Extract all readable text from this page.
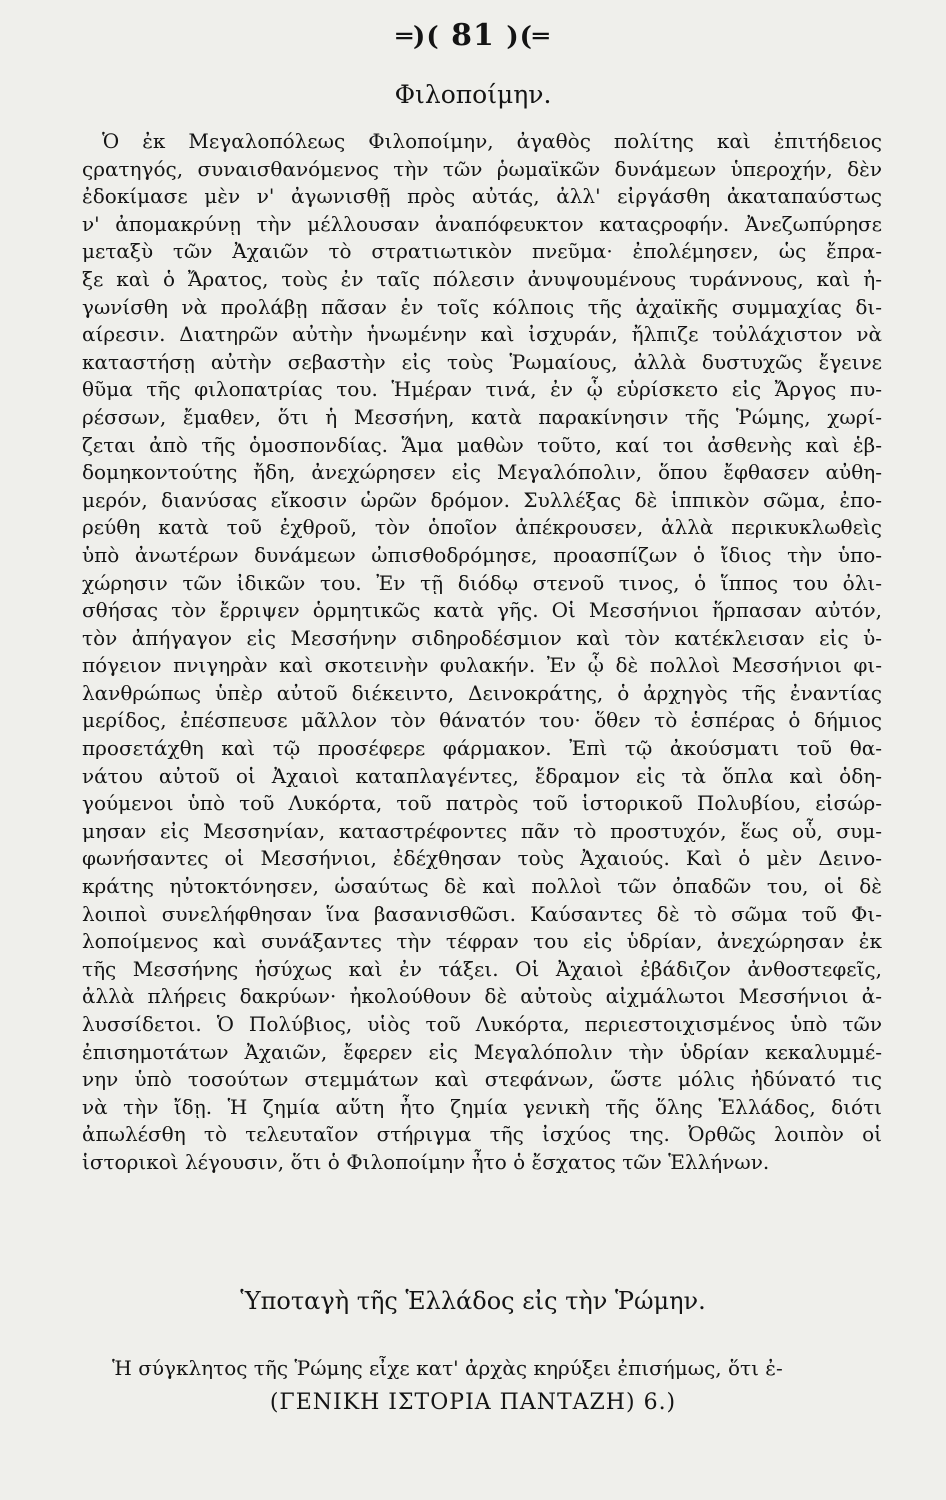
═)( 81 )(═
Φιλοποίμην.
Ὁ ἐκ Μεγαλοπόλεως Φιλοποίμην, ἀγαθὸς πολίτης καὶ ἐπιτήδειος
ςρατηγός, συναισθανόμενος τὴν τῶν ῥωμαϊκῶν δυνάμεων ὑπεροχήν, δὲν
ἐδοκίμασε μὲν ν' ἀγωνισθῇ πρὸς αὐτάς, ἀλλ' εἰργάσθη ἀκαταπαύστως
ν' ἀπομακρύνῃ τὴν μέλλουσαν ἀναπόφευκτον καταςροφήν. Ἀνεζωπύρησε
μεταξὺ τῶν Ἀχαιῶν τὸ στρατιωτικὸν πνεῦμα· ἐπολέμησεν, ὡς ἔπρα-
ξε καὶ ὁ Ἄρατος, τοὺς ἐν ταῖς πόλεσιν ἀνυψουμένους τυράννους, καὶ ἠ-
γωνίσθη νὰ προλάβῃ πᾶσαν ἐν τοῖς κόλποις τῆς ἀχαϊκῆς συμμαχίας δι-
αίρεσιν. Διατηρῶν αὐτὴν ἡνωμένην καὶ ἰσχυράν, ἤλπιζε τοὐλάχιστον νὰ
καταστήσῃ αὐτὴν σεβαστὴν εἰς τοὺς Ῥωμαίους, ἀλλὰ δυστυχῶς ἔγεινε
θῦμα τῆς φιλοπατρίας του. Ἡμέραν τινά, ἐν ᾧ εὑρίσκετο εἰς Ἄργος πυ-
ρέσσων, ἔμαθεν, ὅτι ἡ Μεσσήνη, κατὰ παρακίνησιν τῆς Ῥώμης, χωρί-
ζεται ἀπὸ τῆς ὁμοσπονδίας. Ἅμα μαθὼν τοῦτο, καί τοι ἀσθενὴς καὶ ἑβ-
δομηκοντούτης ἤδη, ἀνεχώρησεν εἰς Μεγαλόπολιν, ὅπου ἔφθασεν αὐθη-
μερόν, διανύσας εἴκοσιν ὡρῶν δρόμον. Συλλέξας δὲ ἱππικὸν σῶμα, ἐπο-
ρεύθη κατὰ τοῦ ἐχθροῦ, τὸν ὁποῖον ἀπέκρουσεν, ἀλλὰ περικυκλωθεὶς
ὑπὸ ἀνωτέρων δυνάμεων ὠπισθοδρόμησε, προασπίζων ὁ ἴδιος τὴν ὑπο-
χώρησιν τῶν ἰδικῶν του. Ἐν τῇ διόδῳ στενοῦ τινος, ὁ ἵππος του ὀλι-
σθήσας τὸν ἔρριψεν ὁρμητικῶς κατὰ γῆς. Οἱ Μεσσήνιοι ἥρπασαν αὐτόν,
τὸν ἀπήγαγον εἰς Μεσσήνην σιδηροδέσμιον καὶ τὸν κατέκλεισαν εἰς ὑ-
πόγειον πνιγηρὰν καὶ σκοτεινὴν φυλακήν. Ἐν ᾧ δὲ πολλοὶ Μεσσήνιοι φι-
λανθρώπως ὑπὲρ αὐτοῦ διέκειντο, Δεινοκράτης, ὁ ἀρχηγὸς τῆς ἐναντίας
μερίδος, ἐπέσπευσε μᾶλλον τὸν θάνατόν του· ὅθεν τὸ ἑσπέρας ὁ δήμιος
προσετάχθη καὶ τῷ προσέφερε φάρμακον. Ἐπὶ τῷ ἀκούσματι τοῦ θα-
νάτου αὐτοῦ οἱ Ἀχαιοὶ καταπλαγέντες, ἔδραμον εἰς τὰ ὅπλα καὶ ὁδη-
γούμενοι ὑπὸ τοῦ Λυκόρτα, τοῦ πατρὸς τοῦ ἱστορικοῦ Πολυβίου, εἰσώρ-
μησαν εἰς Μεσσηνίαν, καταστρέφοντες πᾶν τὸ προστυχόν, ἕως οὗ, συμ-
φωνήσαντες οἱ Μεσσήνιοι, ἐδέχθησαν τοὺς Ἀχαιούς. Καὶ ὁ μὲν Δεινο-
κράτης ηὐτοκτόνησεν, ὡσαύτως δὲ καὶ πολλοὶ τῶν ὀπαδῶν του, οἱ δὲ
λοιποὶ συνελήφθησαν ἵνα βασανισθῶσι. Καύσαντες δὲ τὸ σῶμα τοῦ Φι-
λοποίμενος καὶ συνάξαντες τὴν τέφραν του εἰς ὑδρίαν, ἀνεχώρησαν ἐκ
τῆς Μεσσήνης ἡσύχως καὶ ἐν τάξει. Οἱ Ἀχαιοὶ ἐβάδιζον ἀνθοστεφεῖς,
ἀλλὰ πλήρεις δακρύων· ἠκολούθουν δὲ αὐτοὺς αἰχμάλωτοι Μεσσήνιοι ἀ-
λυσσίδετοι. Ὁ Πολύβιος, υἱὸς τοῦ Λυκόρτα, περιεστοιχισμένος ὑπὸ τῶν
ἐπισημοτάτων Ἀχαιῶν, ἔφερεν εἰς Μεγαλόπολιν τὴν ὑδρίαν κεκαλυμμέ-
νην ὑπὸ τοσούτων στεμμάτων καὶ στεφάνων, ὥστε μόλις ἠδύνατό τις
νὰ τὴν ἴδῃ. Ἡ ζημία αὕτη ἦτο ζημία γενικὴ τῆς ὅλης Ἑλλάδος, διότι
ἀπωλέσθη τὸ τελευταῖον στήριγμα τῆς ἰσχύος της. Ὀρθῶς λοιπὸν οἱ
ἱστορικοὶ λέγουσιν, ὅτι ὁ Φιλοποίμην ἦτο ὁ ἔσχατος τῶν Ἑλλήνων.
Ὑποταγὴ τῆς Ἑλλάδος εἰς τὴν Ῥώμην.
Ἡ σύγκλητος τῆς Ῥώμης εἶχε κατ' ἀρχὰς κηρύξει ἐπισήμως, ὅτι ἐ-
(ΓΕΝΙΚΗ ΙΣΤΟΡΙΑ ΠΑΝΤΑΖΗ) 6.)
